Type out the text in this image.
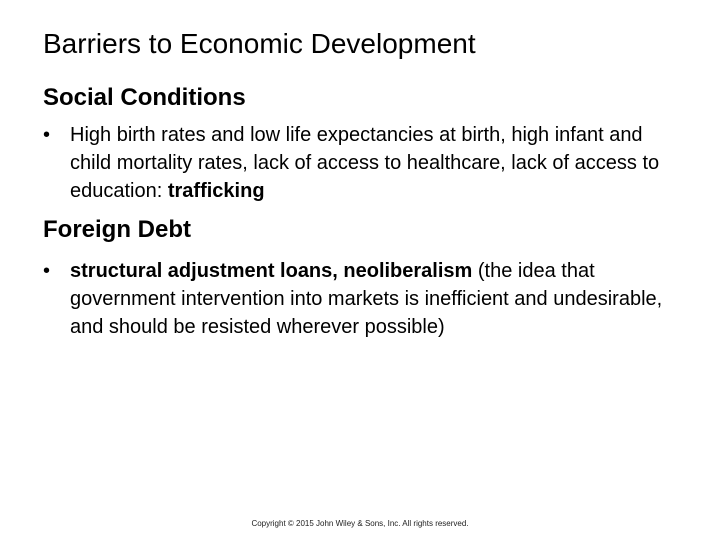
Barriers to Economic Development
Social Conditions
• High birth rates and low life expectancies at birth, high infant and child mortality rates, lack of access to healthcare, lack of access to education: trafficking
Foreign Debt
• structural adjustment loans, neoliberalism (the idea that government intervention into markets is inefficient and undesirable, and should be resisted wherever possible)
Copyright © 2015 John Wiley & Sons, Inc. All rights reserved.
